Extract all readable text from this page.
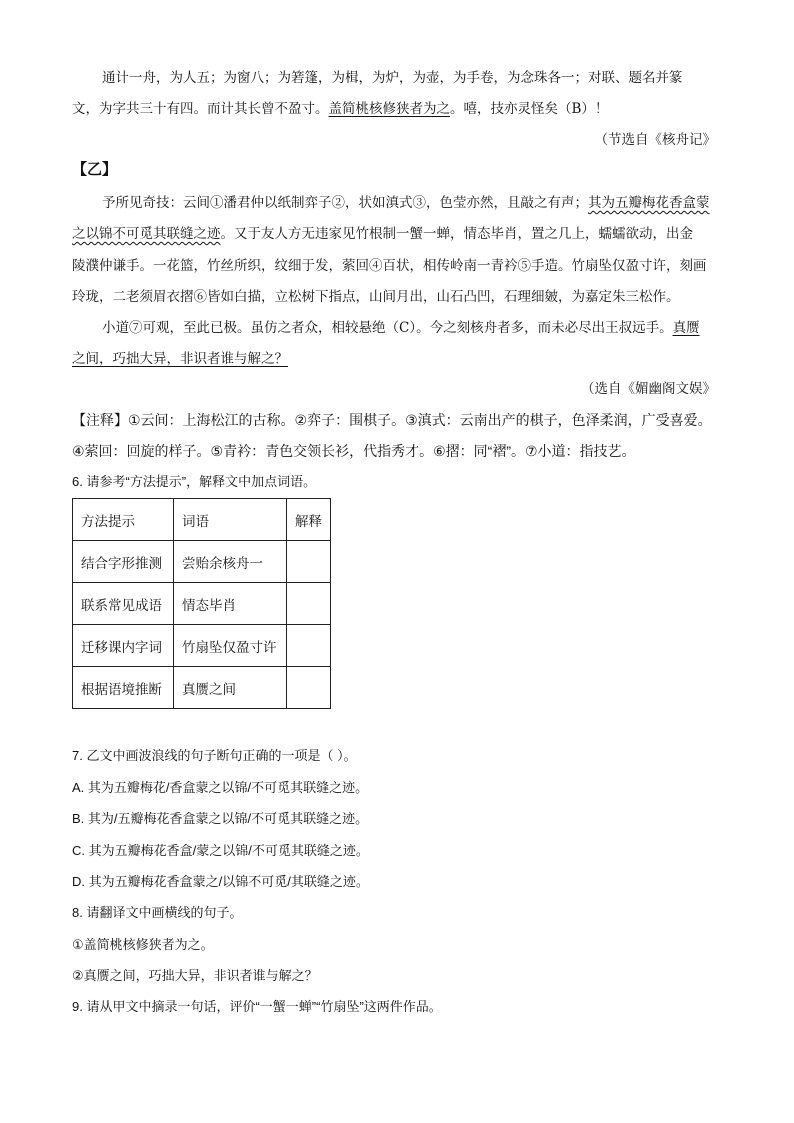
通计一舟，为人五；为窗八；为箬篷，为楫，为炉，为壶，为手卷，为念珠各一；对联、题名并篆
文，为字共三十有四。而计其长曾不盈寸。盖简桃核修狭者为之。嘻，技亦灵怪矣（B）！
（节选自《核舟记》
【乙】
予所见奇技：云间①潘君仲以纸制弈子②，状如滇式③，色莹亦然，且敲之有声；其为五瓣梅花香盒蒙
之以锦不可觅其联缝之迹。又于友人方无违家见竹根制一蟹一蝉，情态毕肖，置之几上，蠕蠕欲动，出金
陵濮仲谦手。一花篮，竹丝所织，纹细于发，萦回④百状，相传岭南一青衿⑤手造。竹扇坠仅盈寸许，刻画
玲珑，二老须眉衣摺⑥皆如白描，立松树下指点，山间月出，山石凸凹，石理细皴，为嘉定朱三松作。
小道⑦可观，至此已极。虽仿之者众，相较悬绝（C）。今之刻核舟者多，而未必尽出王叔远手。真赝
之间，巧拙大异，非识者谁与解之？
（选自《媚幽阁文娱》
【注释】①云间：上海松江的古称。②弈子：围棋子。③滇式：云南出产的棋子，色泽柔润，广受喜爱。
④萦回：回旋的样子。⑤青衿：青色交领长衫，代指秀才。⑥摺：同“褶”。⑦小道：指技艺。
6. 请参考“方法提示”，解释文中加点词语。
方法提示	词语	解释
结合字形推测	尝贻余核舟一	
联系常见成语	情态毕肖	
迁移课内字词	竹扇坠仅盈寸许	
根据语境推断	真赝之间	
7. 乙文中画波浪线的句子断句正确的一项是（ ）。
A. 其为五瓣梅花/香盒蒙之以锦/不可觅其联缝之迹。
B. 其为/五瓣梅花香盒蒙之以锦/不可觅其联缝之迹。
C. 其为五瓣梅花香盒/蒙之以锦/不可觅其联缝之迹。
D. 其为五瓣梅花香盒蒙之/以锦不可觅/其联缝之迹。
8. 请翻译文中画横线的句子。
①盖简桃核修狭者为之。
②真赝之间，巧拙大异，非识者谁与解之？
9. 请从甲文中摘录一句话，评价“一蟹一蝉”“竹扇坠”这两件作品。
